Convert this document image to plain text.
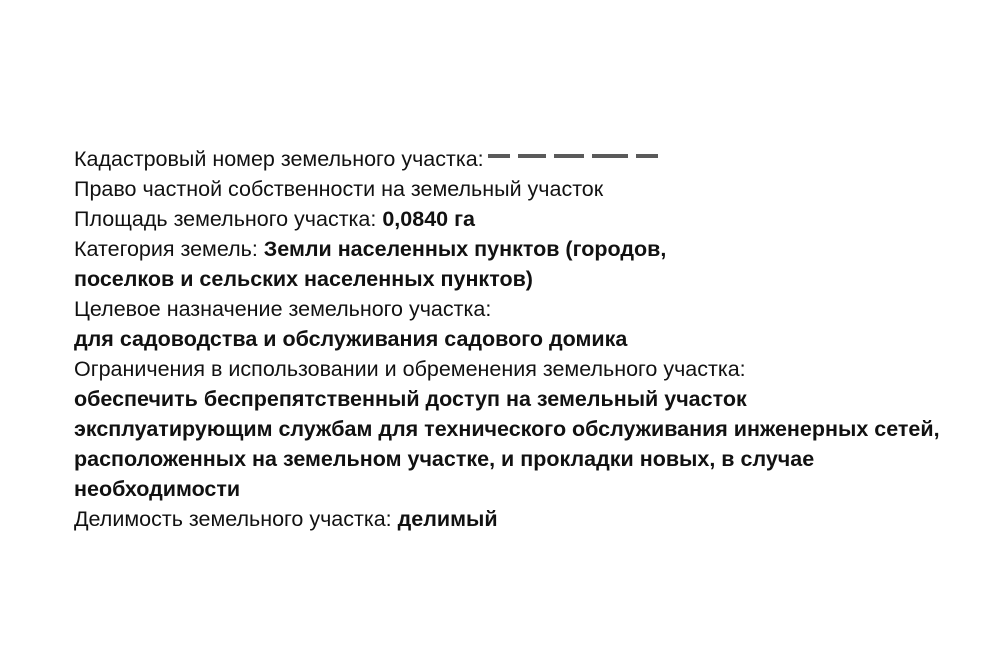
Кадастровый номер земельного участка:
Право частной собственности на земельный участок
Площадь земельного участка: 0,0840 га
Категория земель: Земли населенных пунктов (городов,
поселков и сельских населенных пунктов)
Целевое назначение земельного участка:
для садоводства и обслуживания садового домика
Ограничения в использовании и обременения земельного участка:
обеспечить беспрепятственный доступ на земельный участок
эксплуатирующим службам для технического обслуживания инженерных сетей,
расположенных на земельном участке, и прокладки новых, в случае
необходимости
Делимость земельного участка: делимый
